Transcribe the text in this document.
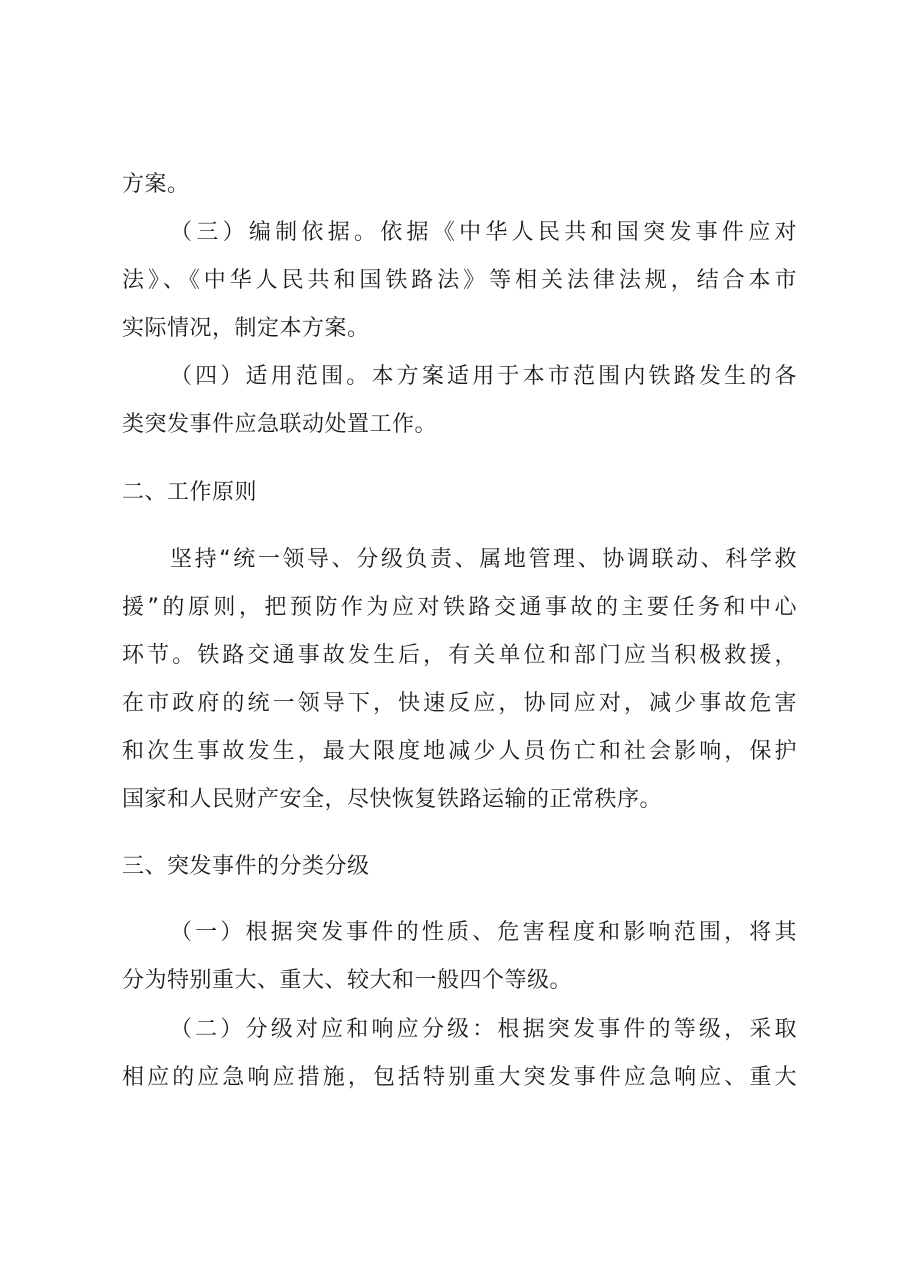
方案。
（三）编制依据。依据《中华人民共和国突发事件应对
法》、《中华人民共和国铁路法》等相关法律法规，结合本市
实际情况，制定本方案。
（四）适用范围。本方案适用于本市范围内铁路发生的各
类突发事件应急联动处置工作。
二、工作原则
坚持“统一领导、分级负责、属地管理、协调联动、科学救
援”的原则，把预防作为应对铁路交通事故的主要任务和中心
环节。铁路交通事故发生后，有关单位和部门应当积极救援，
在市政府的统一领导下，快速反应，协同应对，减少事故危害
和次生事故发生，最大限度地减少人员伤亡和社会影响，保护
国家和人民财产安全，尽快恢复铁路运输的正常秩序。
三、突发事件的分类分级
（一）根据突发事件的性质、危害程度和影响范围，将其
分为特别重大、重大、较大和一般四个等级。
（二）分级对应和响应分级：根据突发事件的等级，采取
相应的应急响应措施，包括特别重大突发事件应急响应、重大
